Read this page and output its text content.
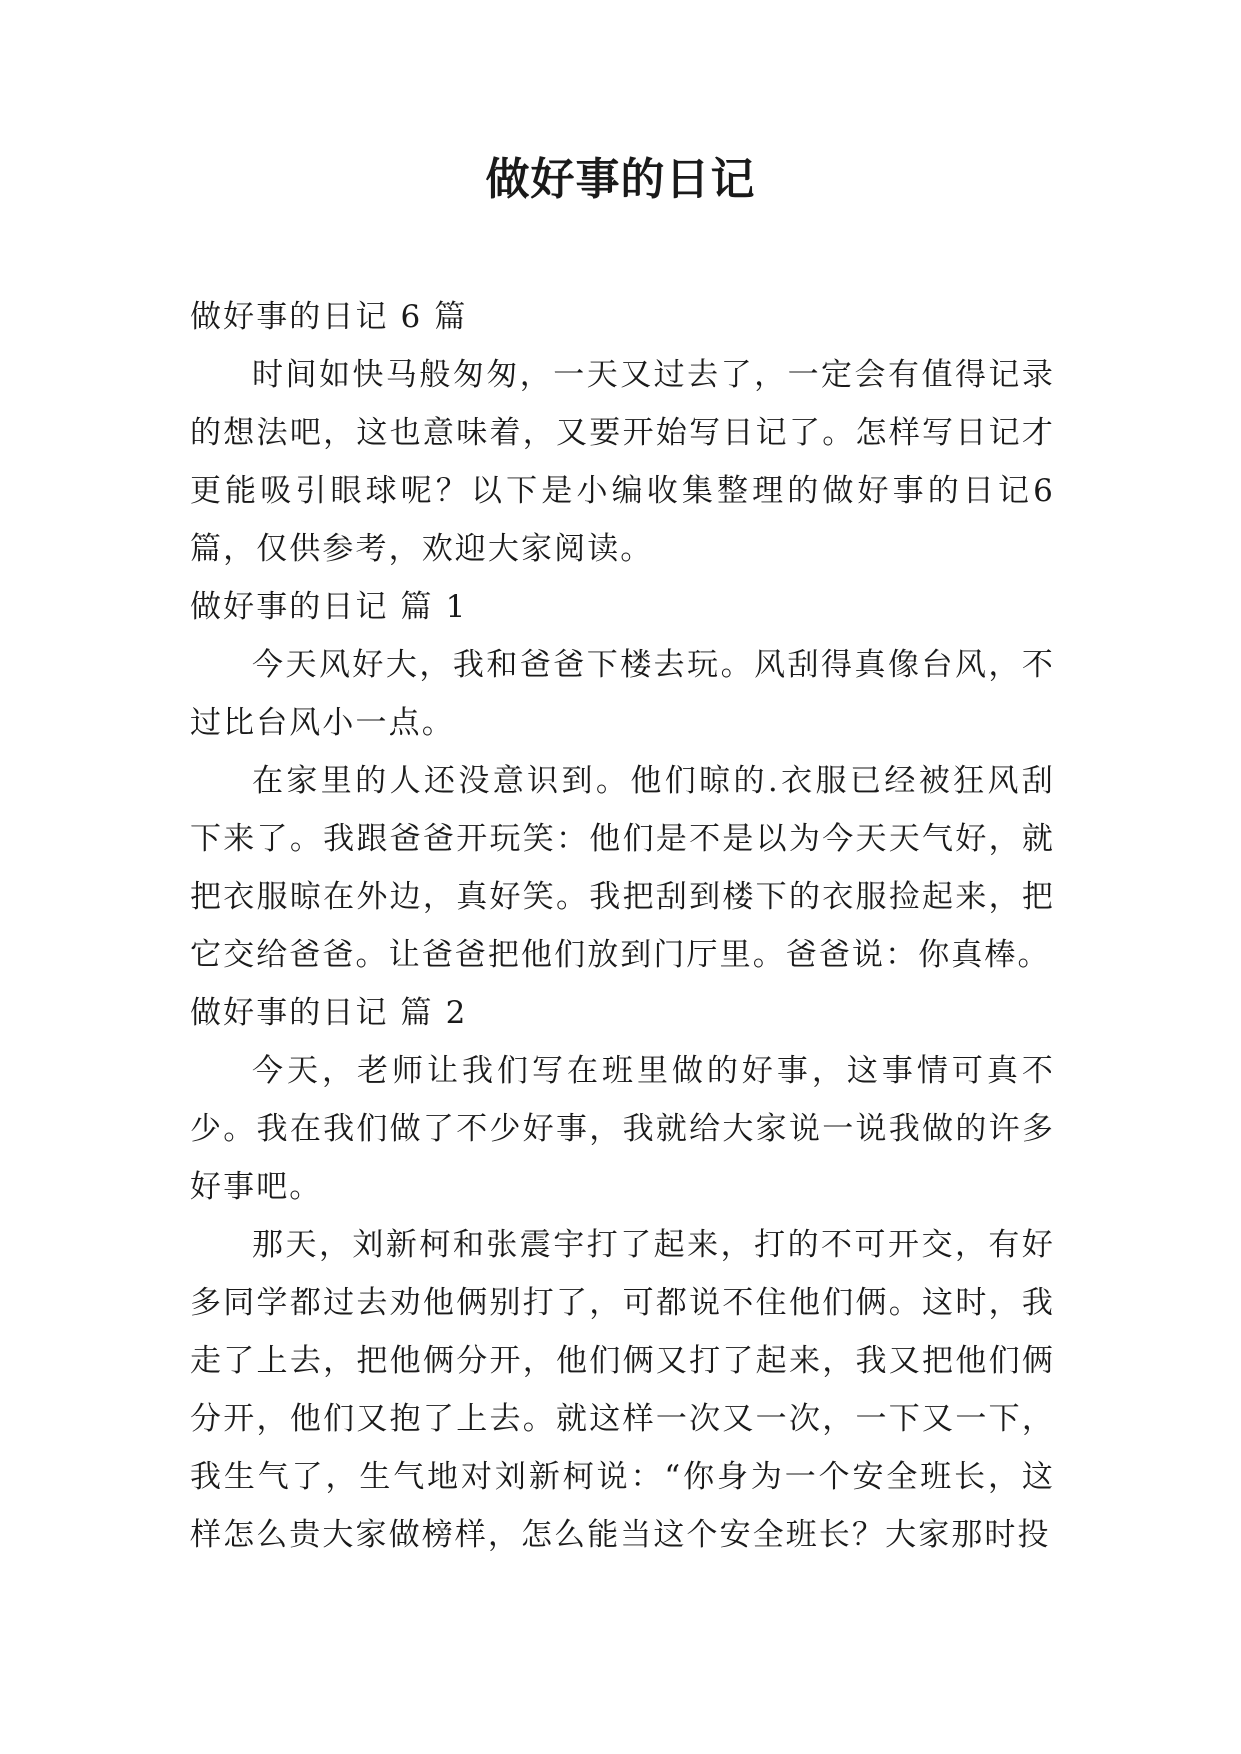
做好事的日记

做好事的日记 6 篇

时间如快马般匆匆，一天又过去了，一定会有值得记录的想法吧，这也意味着，又要开始写日记了。怎样写日记才更能吸引眼球呢？以下是小编收集整理的做好事的日记6篇，仅供参考，欢迎大家阅读。

做好事的日记 篇 1

今天风好大，我和爸爸下楼去玩。风刮得真像台风，不过比台风小一点。

在家里的人还没意识到。他们晾的.衣服已经被狂风刮下来了。我跟爸爸开玩笑：他们是不是以为今天天气好，就把衣服晾在外边，真好笑。我把刮到楼下的衣服捡起来，把它交给爸爸。让爸爸把他们放到门厅里。爸爸说：你真棒。

做好事的日记 篇 2

今天，老师让我们写在班里做的好事，这事情可真不少。我在我们做了不少好事，我就给大家说一说我做的许多好事吧。

那天，刘新柯和张震宇打了起来，打的不可开交，有好多同学都过去劝他俩别打了，可都说不住他们俩。这时，我走了上去，把他俩分开，他们俩又打了起来，我又把他们俩分开，他们又抱了上去。就这样一次又一次，一下又一下，我生气了，生气地对刘新柯说：“你身为一个安全班长，这样怎么贵大家做榜样，怎么能当这个安全班长？大家那时投
